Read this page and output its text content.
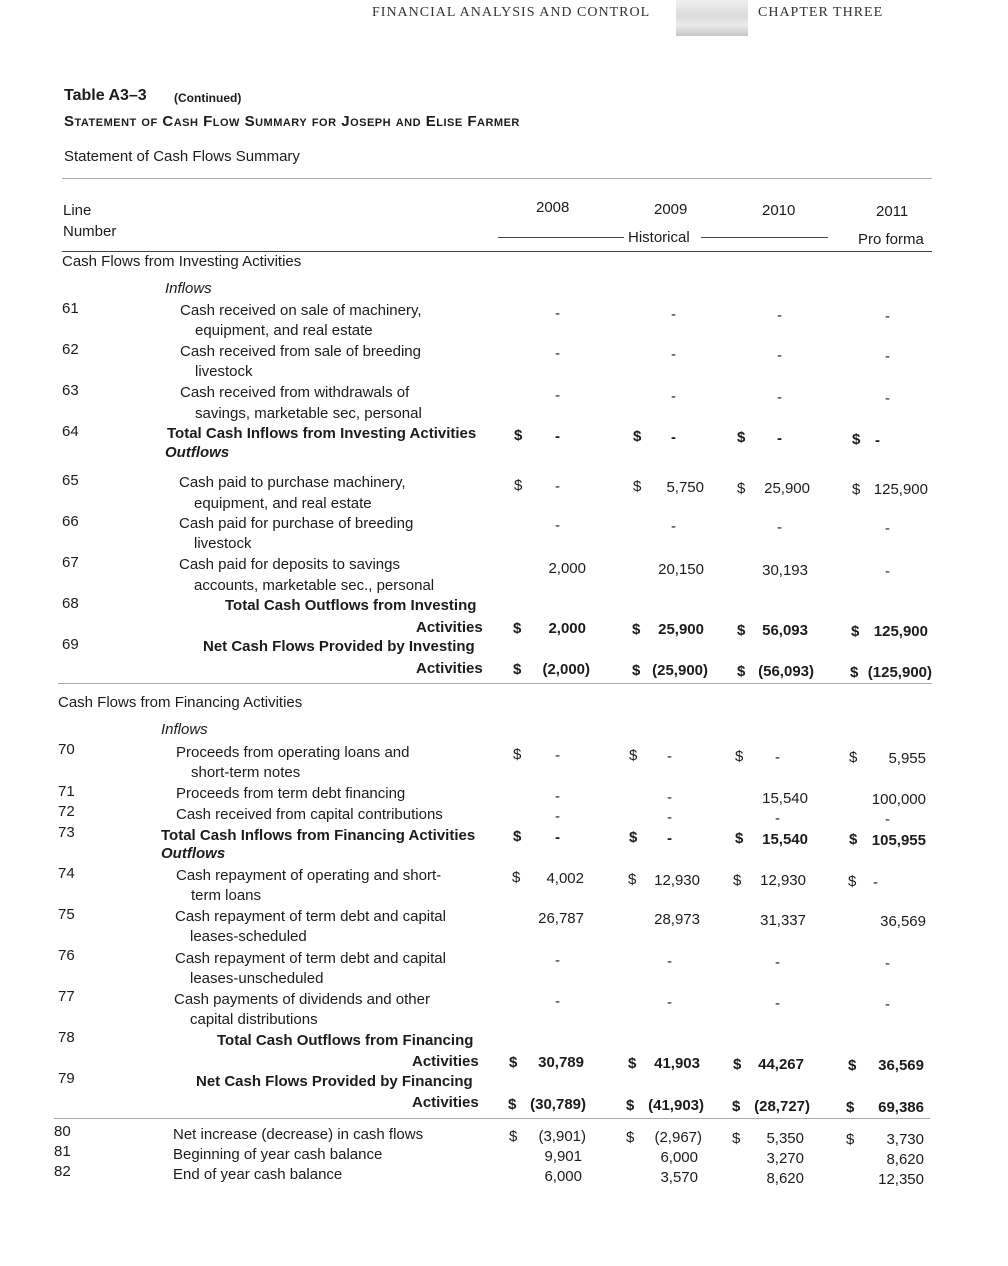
FINANCIAL ANALYSIS AND CONTROL	CHAPTER THREE
Table A3–3 (Continued)
Statement of Cash Flow Summary for Joseph and Elise Farmer
Statement of Cash Flows Summary
Line
Number
2008	2009	2010	2011
Historical	Pro forma
Cash Flows from Investing Activities
Inflows
61	Cash received on sale of machinery,
equipment, and real estate
-	-	-	-
62	Cash received from sale of breeding
livestock
-	-	-	-
63	Cash received from withdrawals of
savings, marketable sec, personal
-	-	-	-
64	Total Cash Inflows from Investing Activities	$	-	$	-	$	-	$ -
Outflows
65	Cash paid to purchase machinery,
equipment, and real estate
$	-	$	5,750 $	25,900	$ 125,900
66	Cash paid for purchase of breeding
livestock
-	-	-	-
67	Cash paid for deposits to savings
accounts, marketable sec., personal
2,000	20,150	30,193	-
68	Total Cash Outflows from Investing
Activities $	2,000	$	25,900 $	56,093	$ 125,900
69	Net Cash Flows Provided by Investing
Activities $	(2,000)	$ (25,900) $ (56,093) $ (125,900)
Cash Flows from Financing Activities
Inflows
70	Proceeds from operating loans and
short-term notes
$	-	$	-	$	-	$	5,955
71	Proceeds from term debt financing	-	-	15,540	100,000
72	Cash received from capital contributions	-	-	-	-
73	Total Cash Inflows from Financing Activities	$	-	$	-	$	15,540	$ 105,955
Outflows
74	Cash repayment of operating and short-
term loans
$	4,002	$	12,930 $	12,930	$	-
75	Cash repayment of term debt and capital
leases-scheduled
26,787	28,973	31,337	36,569
76	Cash repayment of term debt and capital
leases-unscheduled
-	-	-	-
77	Cash payments of dividends and other
capital distributions
-	-	-	-
78	Total Cash Outflows from Financing
Activities $	30,789	$	41,903 $	44,267	$	36,569
79	Net Cash Flows Provided by Financing
Activities $ (30,789)	$ (41,903) $ (28,727) $	69,386
80	Net increase (decrease) in cash flows	$	(3,901)	$	(2,967) $	5,350	$	3,730
81	Beginning of year cash balance	9,901	6,000	3,270	8,620
82	End of year cash balance	6,000	3,570	8,620	12,350
